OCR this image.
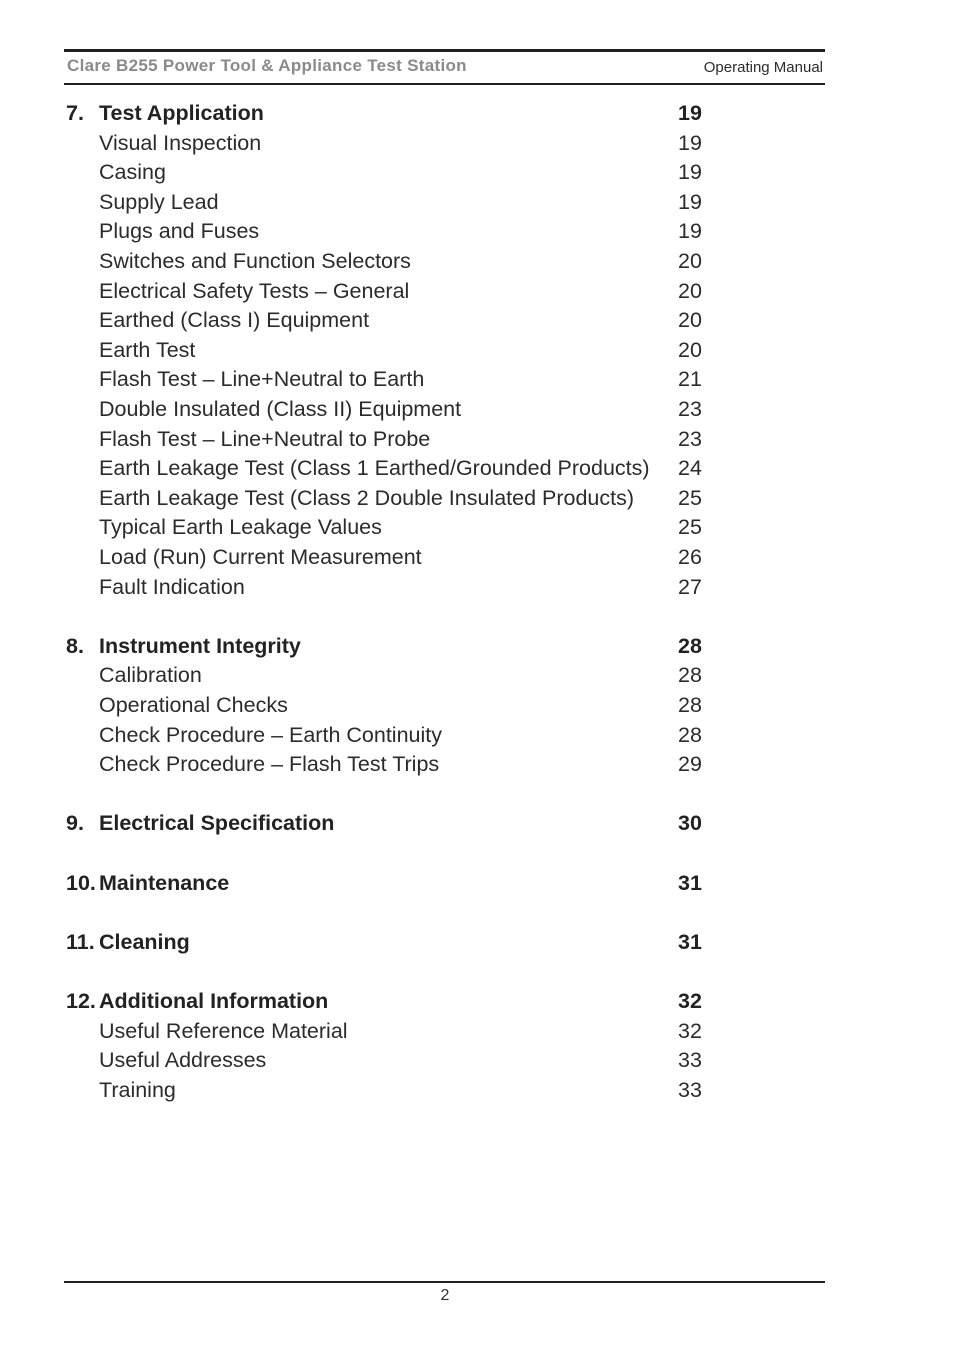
Clare B255 Power Tool & Appliance Test Station	Operating Manual
7. Test Application	19
Visual Inspection	19
Casing	19
Supply Lead	19
Plugs and Fuses	19
Switches and Function Selectors	20
Electrical Safety Tests – General	20
Earthed (Class I) Equipment	20
Earth Test	20
Flash Test – Line+Neutral to Earth	21
Double Insulated (Class II) Equipment	23
Flash Test – Line+Neutral to Probe	23
Earth Leakage Test (Class 1 Earthed/Grounded Products) 24
Earth Leakage Test (Class 2 Double Insulated Products) 25
Typical Earth Leakage Values	25
Load (Run) Current Measurement	26
Fault Indication	27
8. Instrument Integrity	28
Calibration	28
Operational Checks	28
Check Procedure – Earth Continuity	28
Check Procedure – Flash Test Trips	29
9. Electrical Specification	30
10. Maintenance	31
11. Cleaning	31
12. Additional Information	32
Useful Reference Material	32
Useful Addresses	33
Training	33
2
